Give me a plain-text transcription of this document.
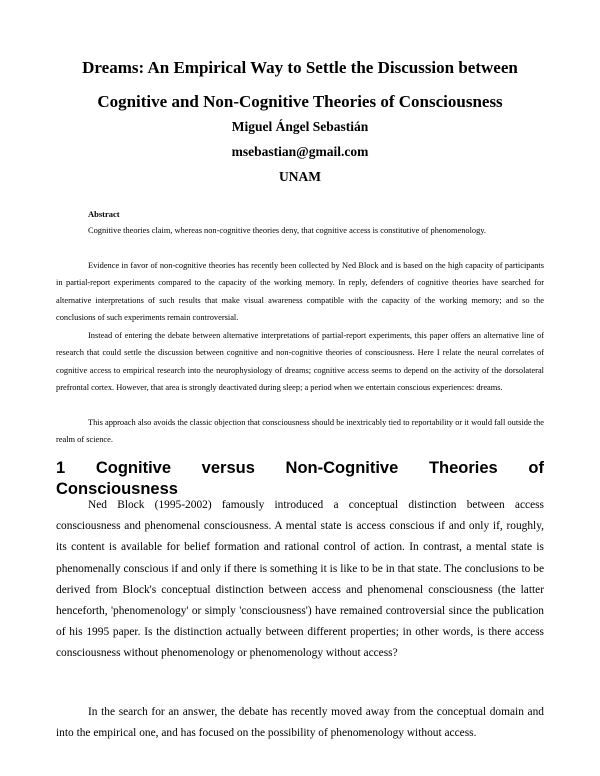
Dreams: An Empirical Way to Settle the Discussion between
Cognitive and Non-Cognitive Theories of Consciousness

Miguel Ángel Sebastián

msebastian@gmail.com

UNAM

Abstract

Cognitive theories claim, whereas non-cognitive theories deny, that cognitive access is constitutive of phenomenology.

Evidence in favor of non-cognitive theories has recently been collected by Ned Block and is based on the high capacity of participants in partial-report experiments compared to the capacity of the working memory. In reply, defenders of cognitive theories have searched for alternative interpretations of such results that make visual awareness compatible with the capacity of the working memory; and so the conclusions of such experiments remain controversial.

Instead of entering the debate between alternative interpretations of partial-report experiments, this paper offers an alternative line of research that could settle the discussion between cognitive and non-cognitive theories of consciousness. Here I relate the neural correlates of cognitive access to empirical research into the neurophysiology of dreams; cognitive access seems to depend on the activity of the dorsolateral prefrontal cortex. However, that area is strongly deactivated during sleep; a period when we entertain conscious experiences: dreams.

This approach also avoids the classic objection that consciousness should be inextricably tied to reportability or it would fall outside the realm of science.

1 Cognitive versus Non-Cognitive Theories of
Consciousness

Ned Block (1995-2002) famously introduced a conceptual distinction between access consciousness and phenomenal consciousness. A mental state is access conscious if and only if, roughly, its content is available for belief formation and rational control of action. In contrast, a mental state is phenomenally conscious if and only if there is something it is like to be in that state. The conclusions to be derived from Block's conceptual distinction between access and phenomenal consciousness (the latter henceforth, 'phenomenology' or simply 'consciousness') have remained controversial since the publication of his 1995 paper. Is the distinction actually between different properties; in other words, is there access consciousness without phenomenology or phenomenology without access?

In the search for an answer, the debate has recently moved away from the conceptual domain and into the empirical one, and has focused on the possibility of phenomenology without access.
